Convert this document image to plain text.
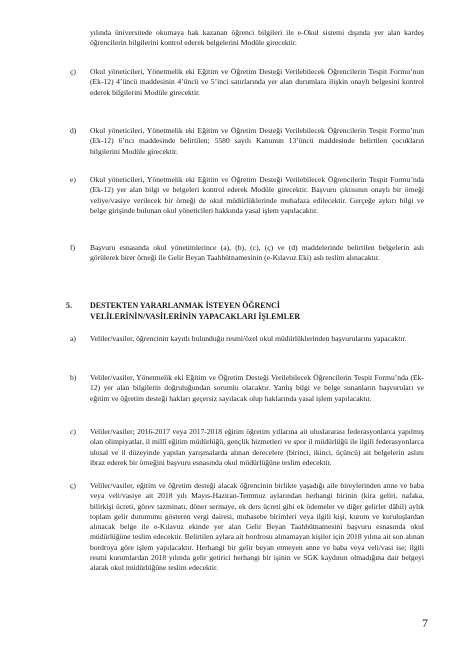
yılında üniversitede okumaya hak kazanan öğrenci bilgileri ile e-Okul sistemi dışında yer alan kardeş öğrencilerin bilgilerini kontrol ederek belgelerini Modüle girecektir.
ç) Okul yöneticileri, Yönetmelik eki Eğitim ve Öğretim Desteği Verilebilecek Öğrencilerin Tespit Formu’nun (Ek-12) 4’üncü maddesinin 4’üncü ve 5’inci satırlarında yer alan durumlara ilişkin onaylı belgesini kontrol ederek bilgilerini Modüle girecektir.
d) Okul yöneticileri, Yönetmelik eki Eğitim ve Öğretim Desteği Verilebilecek Öğrencilerin Tespit Formu’nun (Ek-12) 6’ncı maddesinde belirtilen; 5580 sayılı Kanunun 13’üncü maddesinde belirtilen çocukların bilgilerini Modüle girecektir.
e) Okul yöneticileri, Yönetmelik eki Eğitim ve Öğretim Desteği Verilebilecek Öğrencilerin Tespit Formu’nda (Ek-12) yer alan bilgi ve belgeleri kontrol ederek Modüle girecektir. Başvuru çıktısının onaylı bir örneği veliye/vasiye verilecek bir örneği de okul müdürlüklerinde muhafaza edilecektir. Gerçeğe aykırı bilgi ve belge girişinde bulunan okul yöneticileri hakkında yasal işlem yapılacaktır.
f) Başvuru esnasında okul yönetimlerince (a), (b), (c), (ç) ve (d) maddelerinde belirtilen belgelerin aslı görülerek birer örneği ile Gelir Beyan Taahhütnamesinin (e-Kılavuz Eki) aslı teslim alınacaktır.
5. DESTEKTEN YARARLANMAK İSTEYEN ÖĞRENCİ
VELİLERİNİN/VASİLERİNİN YAPACAKLARI İŞLEMLER
a) Veliler/vasiler, öğrencinin kayıtlı bulunduğu resmi/özel okul müdürlüklerinden başvurularını yapacaktır.
b) Veliler/vasiler, Yönetmelik eki Eğitim ve Öğretim Desteği Verilebilecek Öğrencilerin Tespit Formu’nda (Ek-12) yer alan bilgilerin doğruluğundan sorumlu olacaktır. Yanlış bilgi ve belge sunanların başvuruları ve eğitim ve öğretim desteği hakları geçersiz sayılacak olup haklarında yasal işlem yapılacaktır.
c) Veliler/vasiler; 2016-2017 veya 2017-2018 eğitim öğretim yıllarına ait uluslararası federasyonlarca yapılmış olan olimpiyatlar, il millî eğitim müdürlüğü, gençlik hizmetleri ve spor il müdürlüğü ile ilgili federasyonlarca ulusal ve il düzeyinde yapılan yarışmalarda alınan derecelere (birinci, ikinci, üçüncü) ait belgelerin aslını ibraz ederek bir örneğini başvuru esnasında okul müdürlüğüne teslim edecektir.
ç) Veliler/vasiler, eğitim ve öğretim desteği alacak öğrencinin birlikte yaşadığı aile bireylerinden anne ve baba veya veli/vasiye ait 2018 yılı Mayıs-Haziran-Temmuz aylarından herhangi birinin (kira geliri, nafaka, bilirkişi ücreti, görev tazminatı, döner sermaye, ek ders ücreti gibi ek ödemeler ve diğer gelirler dâhil) aylık toplam gelir durumunu gösteren vergi dairesi, muhasebe birimleri veya ilgili kişi, kurum ve kuruluşlardan alınacak belge ile e-Kılavuz ekinde yer alan Gelir Beyan Taahhütnamesini başvuru esnasında okul müdürlüğüne teslim edecektir. Belirtilen aylara ait bordrosu alınamayan kişiler için 2018 yılına ait son alınan bordroya göre işlem yapılacaktır. Herhangi bir gelir beyan etmeyen anne ve baba veya veli/vasi ise; ilgili resmi kurumlardan 2018 yılında gelir getirici herhangi bir işinin ve SGK kaydının olmadığına dair belgeyi alarak okul müdürlüğüne teslim edecektir.
7
